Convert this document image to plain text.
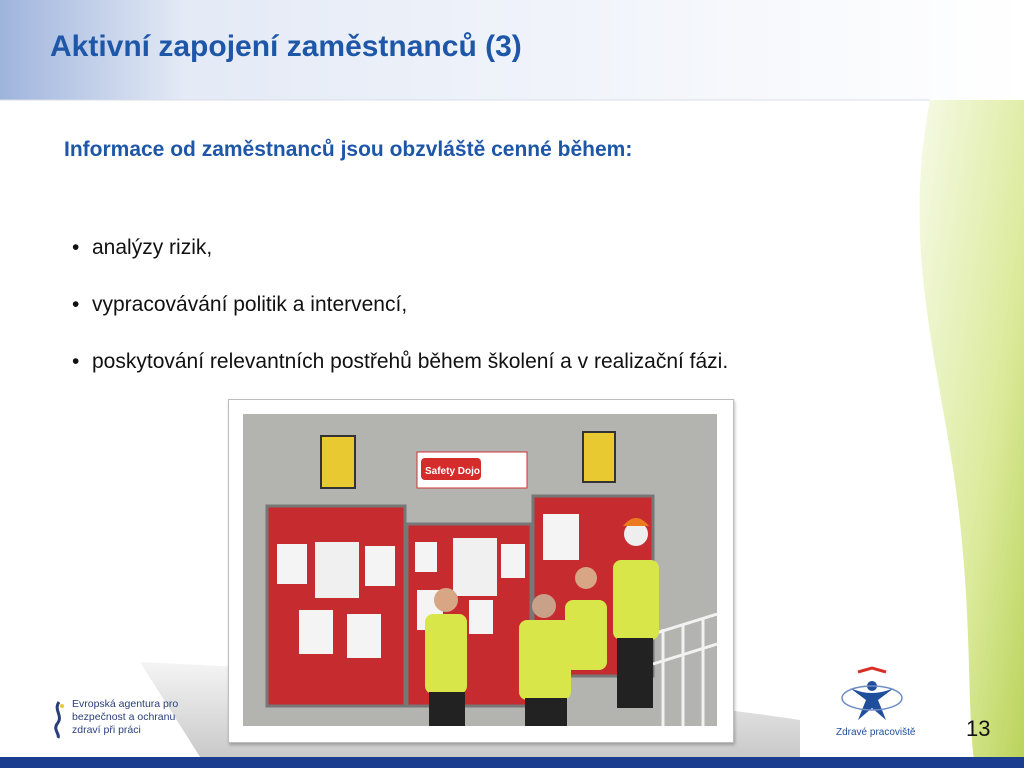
Aktivní zapojení zaměstnanců (3)
Informace od zaměstnanců jsou obzvláště cenné během:
• analýzy rizik,
• vypracovávání politik a intervencí,
• poskytování relevantních postřehů během školení a v realizační fázi.
Safety Dojo
Evropská agentura pro
bezpečnost a ochranu
zdraví při práci	Zdravé pracoviště 13
